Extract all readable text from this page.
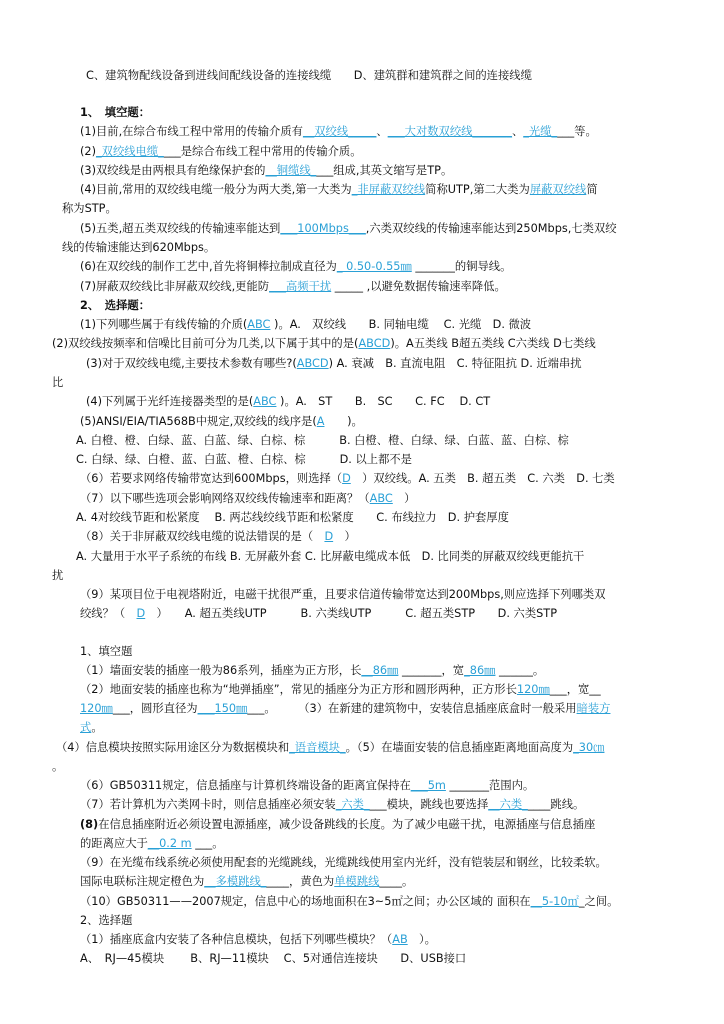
C、建筑物配线设备到进线间配线设备的连接线缆　　D、建筑群和建筑群之间的连接线缆
1、　填空题：
(1)目前,在综合布线工程中常用的传输介质有__双绞线_____、___大对数双绞线_______、_光缆____等。
(2)_双绞线电缆____是综合布线工程中常用的传输介质。
(3)双绞线是由两根具有绝缘保护套的__铜缆线____组成,其英文缩写是TP。
(4)目前,常用的双绞线电缆一般分为两大类,第一大类为_非屏蔽双绞线简称UTP,第二大类为屏蔽双绞线简
称为STP。
(5)五类,超五类双绞线的传输速率能达到___100Mbps___,六类双绞线的传输速率能达到250Mbps,七类双绞
线的传输速能达到620Mbps。
(6)在双绞线的制作工艺中,首先将铜棒拉制成直径为_ 0.50-0.55㎜ _______的铜导线。
(7)屏蔽双绞线比非屏蔽双绞线,更能防___高频干扰 _____ ,以避免数据传输速率降低。
2、　选择题：
(1)下列哪些属于有线传输的介质(ABC )。A.　双绞线　　B. 同轴电缆　 C. 光缆　D. 微波
(2)双绞线按频率和信噪比目前可分为几类,以下属于其中的是(ABCD)。A五类线 B超五类线 C六类线 D七类线
(3)对于双绞线电缆,主要技术参数有哪些?(ABCD) A. 衰减　B. 直流电阻　C. 特征阻抗 D. 近端串扰
比
(4)下列属于光纤连接器类型的是(ABC )。A.　ST　　B.　SC　　C. FC　 D. CT
(5)ANSI/EIA/TIA568B中规定,双绞线的线序是(A　　)。
A. 白橙、橙、白绿、蓝、白蓝、绿、白棕、棕　　　B. 白橙、橙、白绿、绿、白蓝、蓝、白棕、棕
C. 白绿、绿、白橙、蓝、白蓝、橙、白棕、棕　　　D. 以上都不是
（6）若要求网络传输带宽达到600Mbps，则选择（D　）双绞线。A. 五类　B. 超五类　C. 六类　D. 七类
（7）以下哪些选项会影响网络双绞线传输速率和距离？（ABC　）
A. 4对绞线节距和松紧度　 B. 两芯线绞线节距和松紧度　　C. 布线拉力　D. 护套厚度
（8）关于非屏蔽双绞线电缆的说法错误的是（　D　）
A. 大量用于水平子系统的布线 B. 无屏蔽外套 C. 比屏蔽电缆成本低　D. 比同类的屏蔽双绞线更能抗干
扰
（9）某项目位于电视塔附近，电磁干扰很严重，且要求信道传输带宽达到200Mbps,则应选择下列哪类双
绞线？（　D　）　　A. 超五类线UTP　　　B. 六类线UTP　　　C. 超五类STP　　D. 六类STP
1、填空题
（1）墙面安装的插座一般为86系列，插座为正方形，长__86㎜ _______，宽_86㎜ ______。
（2）地面安装的插座也称为“地弹插座”，常见的插座分为正方形和圆形两种，正方形长120㎜___，宽__
120㎜___，圆形直径为___150㎜___。　　　（3）在新建的建筑物中，安装信息插座底盒时一般采用暗装方
式。
（4）信息模块按照实际用途区分为数据模块和_语音模块_。（5）在墙面安装的信息插座距离地面高度为_30㎝
。
（6）GB50311规定，信息插座与计算机终端设备的距离宜保持在___5m _______范围内。
（7）若计算机为六类网卡时，则信息插座必须安装_六类____模块，跳线也要选择__六类_____跳线。
(8)在信息插座附近必须设置电源插座，减少设备跳线的长度。为了减少电磁干扰，电源插座与信息插座
的距离应大于__0.2 m ___。
（9）在光缆布线系统必须使用配套的光缆跳线，光缆跳线使用室内光纤，没有铠装层和钢丝，比较柔软。
国际电联标注规定橙色为__多模跳线_____，黄色为单模跳线____。
（10）GB50311——2007规定，信息中心的场地面积在3~5㎡之间；办公区域的 面积在__5-10㎡_之间。
2、选择题
（1）插座底盒内安装了各种信息模块，包括下列哪些模块？（AB　）。
A、　RJ—45模块　　 B、RJ—11模块　 C、5对通信连接块　　D、USB接口
